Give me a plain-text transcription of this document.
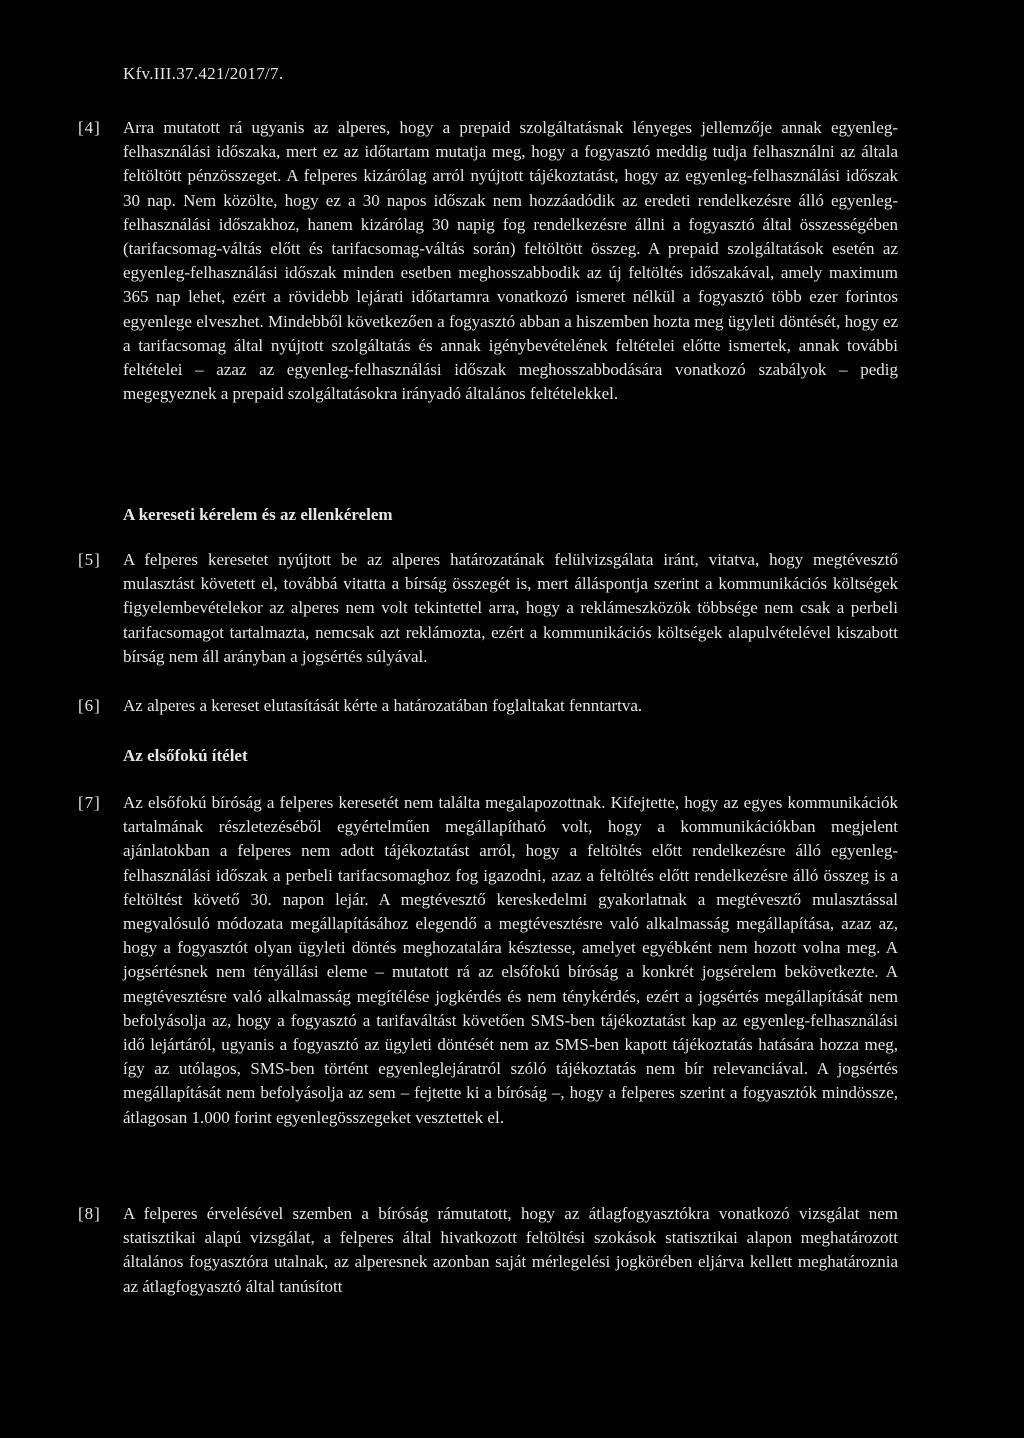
Kfv.III.37.421/2017/7.
[4]	Arra mutatott rá ugyanis az alperes, hogy a prepaid szolgáltatásnak lényeges jellemzője annak egyenleg-felhasználási időszaka, mert ez az időtartam mutatja meg, hogy a fogyasztó meddig tudja felhasználni az általa feltöltött pénzösszeget. A felperes kizárólag arról nyújtott tájékoztatást, hogy az egyenleg-felhasználási időszak 30 nap. Nem közölte, hogy ez a 30 napos időszak nem hozzáadódik az eredeti rendelkezésre álló egyenleg-felhasználási időszakhoz, hanem kizárólag 30 napig fog rendelkezésre állni a fogyasztó által összességében (tarifacsomag-váltás előtt és tarifacsomag-váltás során) feltöltött összeg. A prepaid szolgáltatások esetén az egyenleg-felhasználási időszak minden esetben meghosszabbodik az új feltöltés időszakával, amely maximum 365 nap lehet, ezért a rövidebb lejárati időtartamra vonatkozó ismeret nélkül a fogyasztó több ezer forintos egyenlege elveszhet. Mindebből következően a fogyasztó abban a hiszemben hozta meg ügyleti döntését, hogy ez a tarifacsomag által nyújtott szolgáltatás és annak igénybevételének feltételei előtte ismertek, annak további feltételei – azaz az egyenleg-felhasználási időszak meghosszabbodására vonatkozó szabályok – pedig megegyeznek a prepaid szolgáltatásokra irányadó általános feltételekkel.
A kereseti kérelem és az ellenkérelem
[5]	A felperes keresetet nyújtott be az alperes határozatának felülvizsgálata iránt, vitatva, hogy megtévesztő mulasztást követett el, továbbá vitatta a bírság összegét is, mert álláspontja szerint a kommunikációs költségek figyelembevételekor az alperes nem volt tekintettel arra, hogy a reklámeszközök többsége nem csak a perbeli tarifacsomagot tartalmazta, nemcsak azt reklámozta, ezért a kommunikációs költségek alapulvételével kiszabott bírság nem áll arányban a jogsértés súlyával.
[6]	Az alperes a kereset elutasítását kérte a határozatában foglaltakat fenntartva.
Az elsőfokú ítélet
[7]	Az elsőfokú bíróság a felperes keresetét nem találta megalapozottnak. Kifejtette, hogy az egyes kommunikációk tartalmának részletezéséből egyértelműen megállapítható volt, hogy a kommunikációkban megjelent ajánlatokban a felperes nem adott tájékoztatást arról, hogy a feltöltés előtt rendelkezésre álló egyenleg-felhasználási időszak a perbeli tarifacsomaghoz fog igazodni, azaz a feltöltés előtt rendelkezésre álló összeg is a feltöltést követő 30. napon lejár. A megtévesztő kereskedelmi gyakorlatnak a megtévesztő mulasztással megvalósuló módozata megállapításához elegendő a megtévesztésre való alkalmasság megállapítása, azaz az, hogy a fogyasztót olyan ügyleti döntés meghozatalára késztesse, amelyet egyébként nem hozott volna meg. A jogsértésnek nem tényállási eleme – mutatott rá az elsőfokú bíróság a konkrét jogsérelem bekövetkezte. A megtévesztésre való alkalmasság megítélése jogkérdés és nem ténykérdés, ezért a jogsértés megállapítását nem befolyásolja az, hogy a fogyasztó a tarifaváltást követően SMS-ben tájékoztatást kap az egyenleg-felhasználási idő lejártáról, ugyanis a fogyasztó az ügyleti döntését nem az SMS-ben kapott tájékoztatás hatására hozza meg, így az utólagos, SMS-ben történt egyenleglejáratról szóló tájékoztatás nem bír relevanciával. A jogsértés megállapítását nem befolyásolja az sem – fejtette ki a bíróság –, hogy a felperes szerint a fogyasztók mindössze, átlagosan 1.000 forint egyenlegösszegeket vesztettek el.
[8]	A felperes érvelésével szemben a bíróság rámutatott, hogy az átlagfogyasztókra vonatkozó vizsgálat nem statisztikai alapú vizsgálat, a felperes által hivatkozott feltöltési szokások statisztikai alapon meghatározott általános fogyasztóra utalnak, az alperesnek azonban saját mérlegelési jogkörében eljárva kellett meghatároznia az átlagfogyasztó által tanúsított
